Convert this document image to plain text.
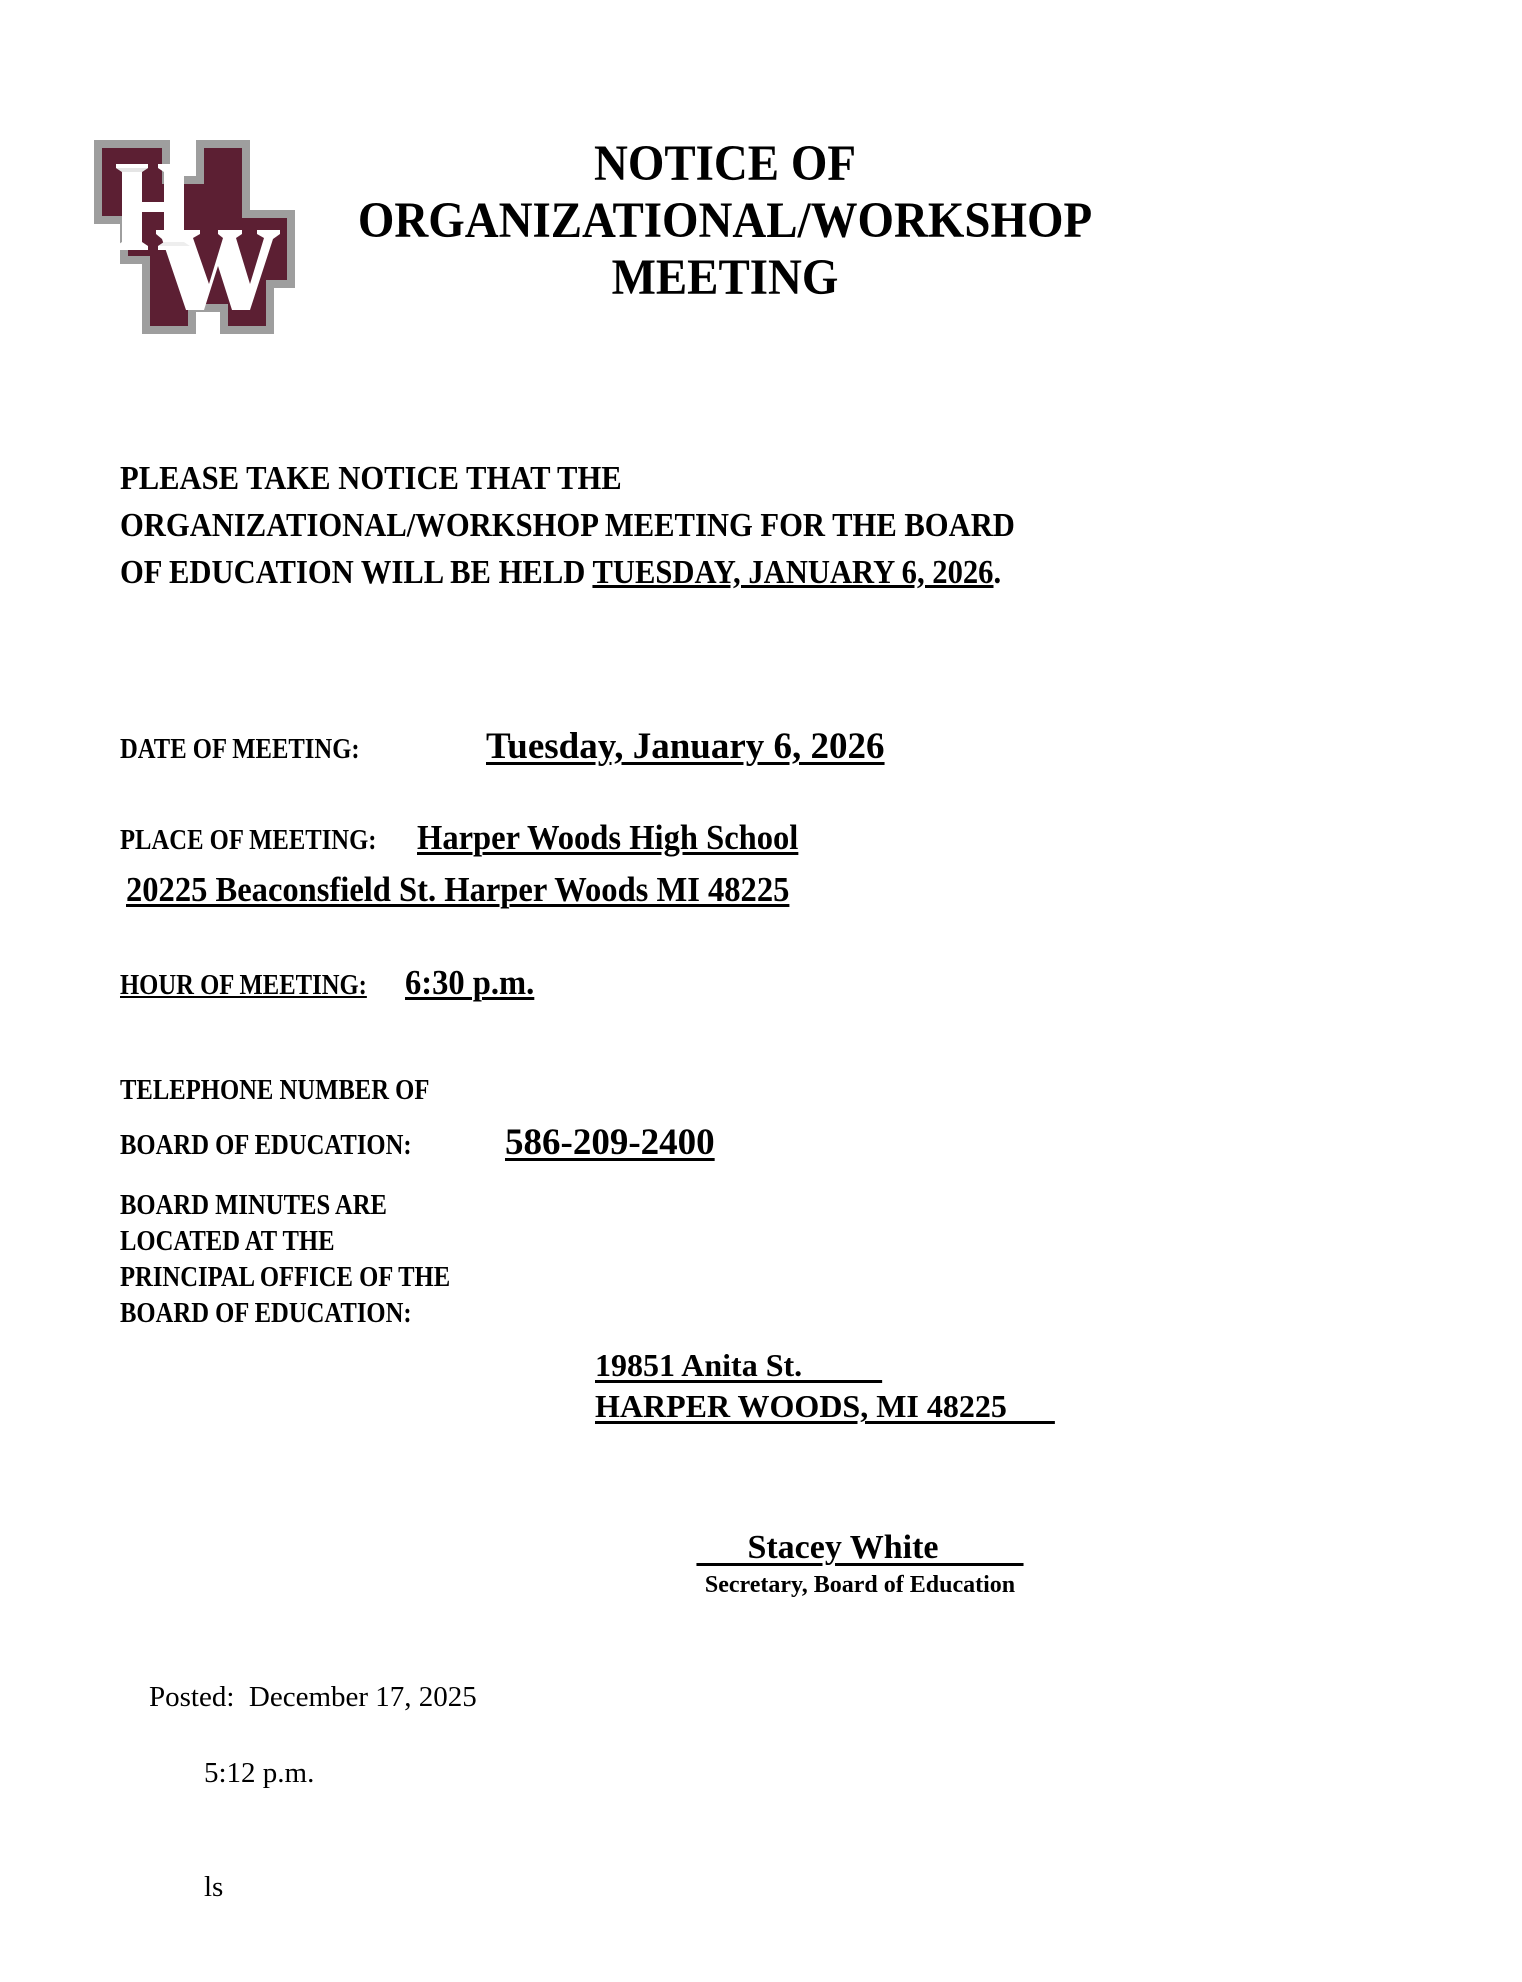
NOTICE OF
ORGANIZATIONAL/WORKSHOP
MEETING
PLEASE TAKE NOTICE THAT THE ORGANIZATIONAL/WORKSHOP MEETING FOR THE BOARD OF EDUCATION WILL BE HELD TUESDAY, JANUARY 6, 2026.
DATE OF MEETING:	Tuesday, January 6, 2026
PLACE OF MEETING: Harper Woods High School
20225 Beaconsfield St. Harper Woods MI 48225
HOUR OF MEETING:6:30 p.m.
TELEPHONE NUMBER OF
BOARD OF EDUCATION:	586-209-2400
BOARD MINUTES ARE
LOCATED AT THE
PRINCIPAL OFFICE OF THE
BOARD OF EDUCATION:
19851 Anita St.
HARPER WOODS, MI 48225
Stacey White
Secretary, Board of Education

Posted:  December 17, 2025

5:12 p.m.

ls
